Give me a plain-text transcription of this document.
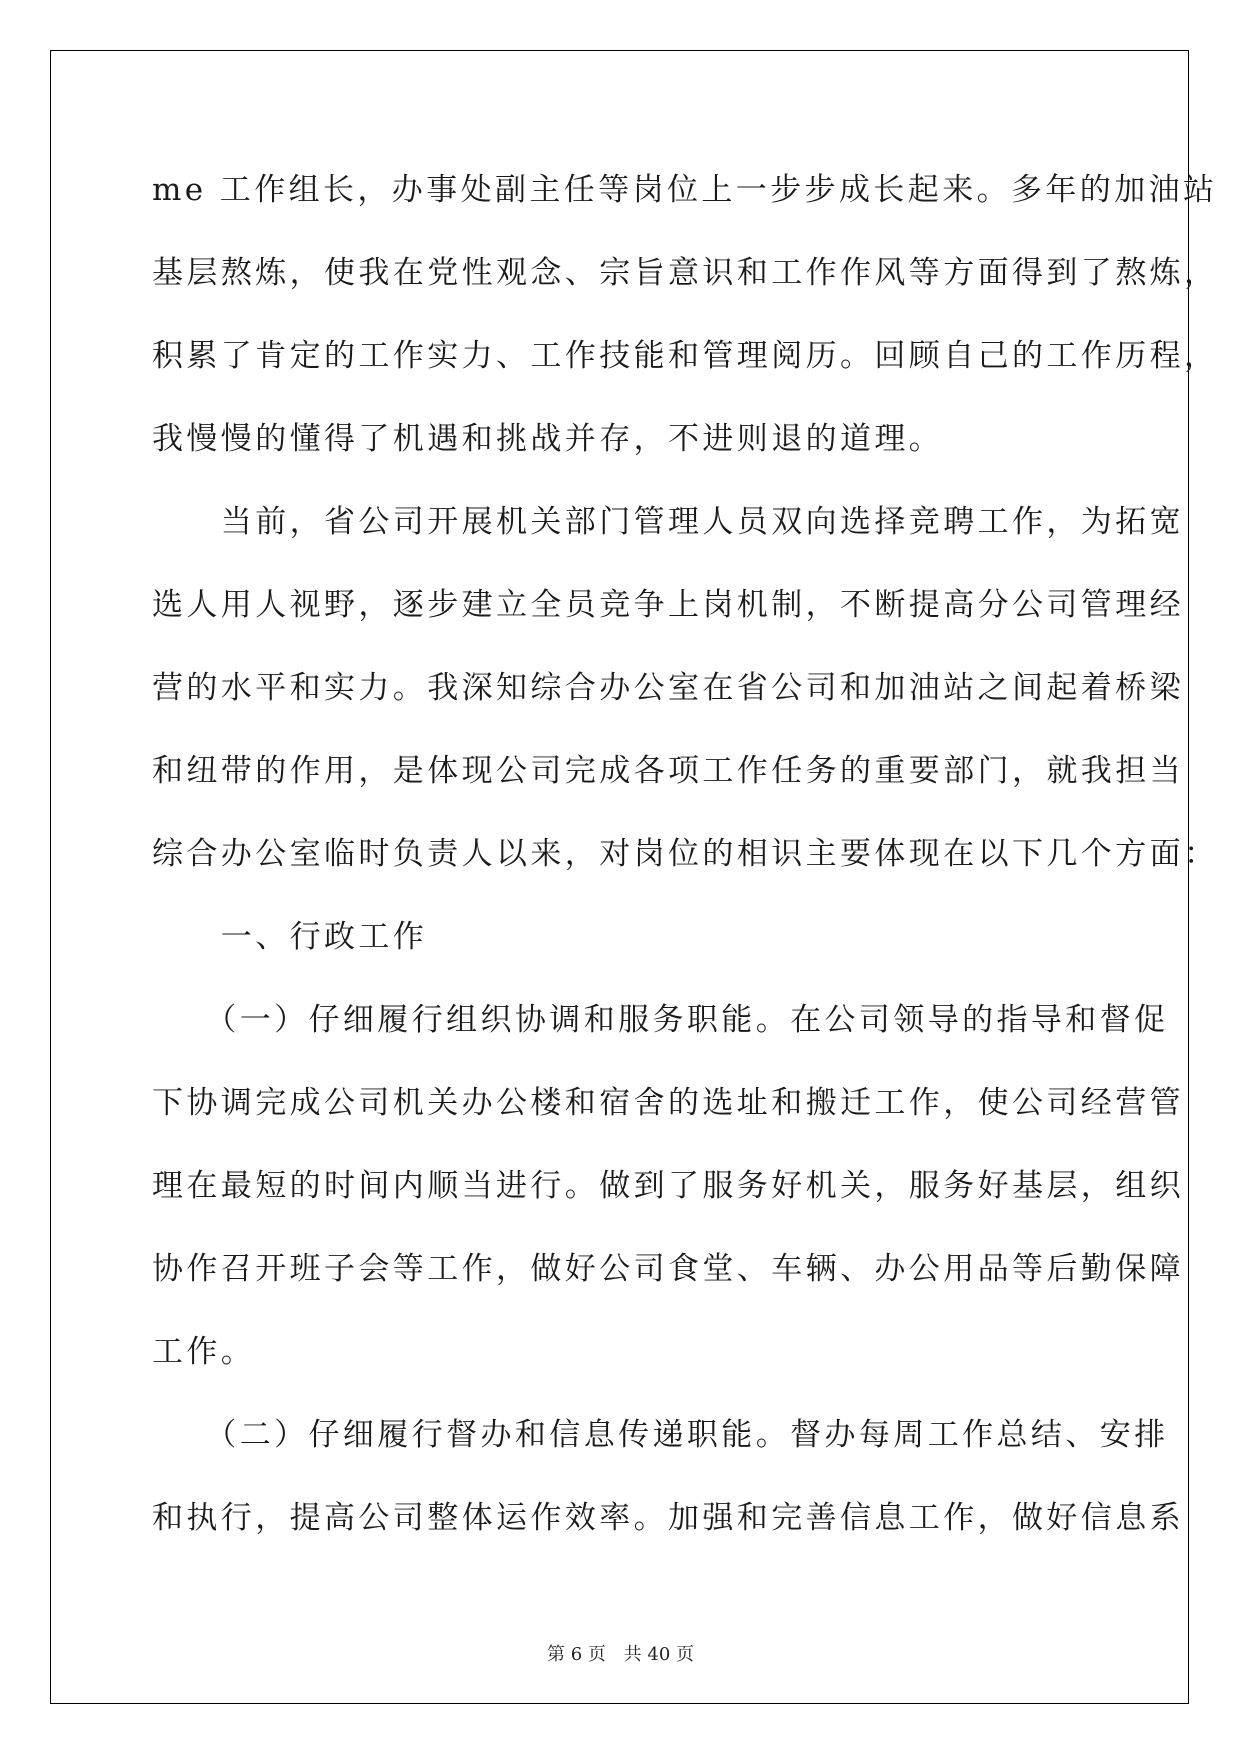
me 工作组长，办事处副主任等岗位上一步步成长起来。多年的加油站
基层熬炼，使我在党性观念、宗旨意识和工作作风等方面得到了熬炼，
积累了肯定的工作实力、工作技能和管理阅历。回顾自己的工作历程，
我慢慢的懂得了机遇和挑战并存，不进则退的道理。
　　当前，省公司开展机关部门管理人员双向选择竞聘工作，为拓宽
选人用人视野，逐步建立全员竞争上岗机制，不断提高分公司管理经
营的水平和实力。我深知综合办公室在省公司和加油站之间起着桥梁
和纽带的作用，是体现公司完成各项工作任务的重要部门，就我担当
综合办公室临时负责人以来，对岗位的相识主要体现在以下几个方面：
　　一、行政工作
　　（一）仔细履行组织协调和服务职能。在公司领导的指导和督促
下协调完成公司机关办公楼和宿舍的选址和搬迁工作，使公司经营管
理在最短的时间内顺当进行。做到了服务好机关，服务好基层，组织
协作召开班子会等工作，做好公司食堂、车辆、办公用品等后勤保障
工作。
　　（二）仔细履行督办和信息传递职能。督办每周工作总结、安排
和执行，提高公司整体运作效率。加强和完善信息工作，做好信息系
第 6 页 共 40 页
